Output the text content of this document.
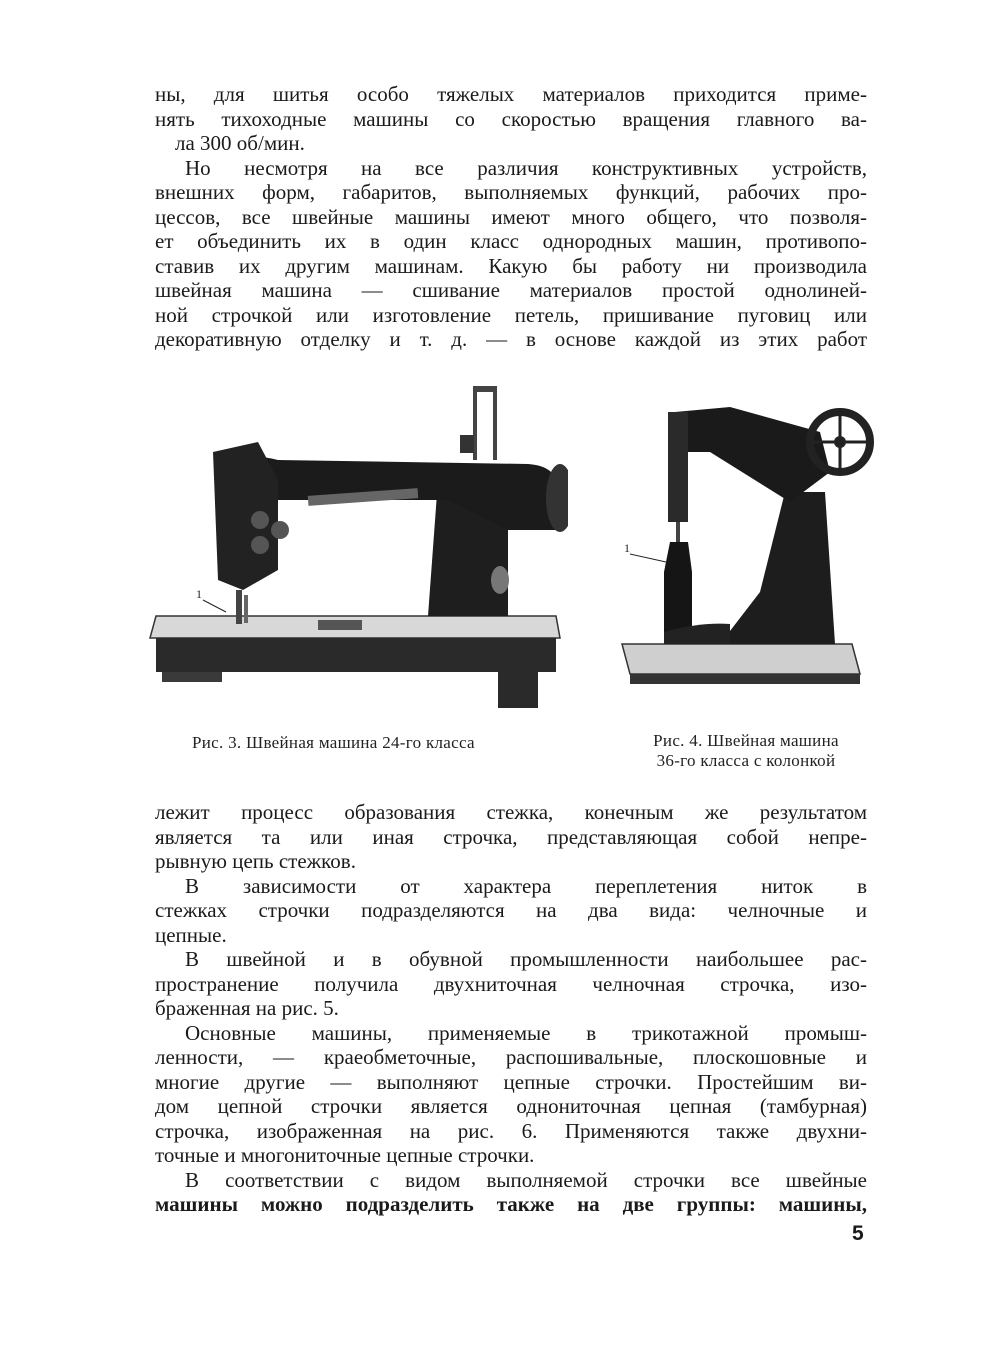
ны, для шитья особо тяжелых материалов приходится приме-
нять тихоходные машины со скоростью вращения главного ва-
ла 300 об/мин.
Но несмотря на все различия конструктивных устройств,
внешних форм, габаритов, выполняемых функций, рабочих про-
цессов, все швейные машины имеют много общего, что позволя-
ет объединить их в один класс однородных машин, противопо-
ставив их другим машинам. Какую бы работу ни производила
швейная машина — сшивание материалов простой однолиней-
ной строчкой или изготовление петель, пришивание пуговиц или
декоративную отделку и т. д. — в основе каждой из этих работ
1
1
Рис. 3. Швейная машина 24-го класса	Рис. 4. Швейная машина
36-го класса с колонкой
лежит процесс образования стежка, конечным же результатом
является та или иная строчка, представляющая собой непре-
рывную цепь стежков.
В зависимости от характера переплетения ниток в
стежках строчки подразделяются на два вида: челночные и
цепные.
В швейной и в обувной промышленности наибольшее рас-
пространение получила двухниточная челночная строчка, изо-
браженная на рис. 5.
Основные машины, применяемые в трикотажной промыш-
ленности, — краеобметочные, распошивальные, плоскошовные и
многие другие — выполняют цепные строчки. Простейшим ви-
дом цепной строчки является однониточная цепная (тамбурная)
строчка, изображенная на рис. 6. Применяются также двухни-
точные и многониточные цепные строчки.
В соответствии с видом выполняемой строчки все швейные
машины можно подразделить также на две группы: машины,
5
